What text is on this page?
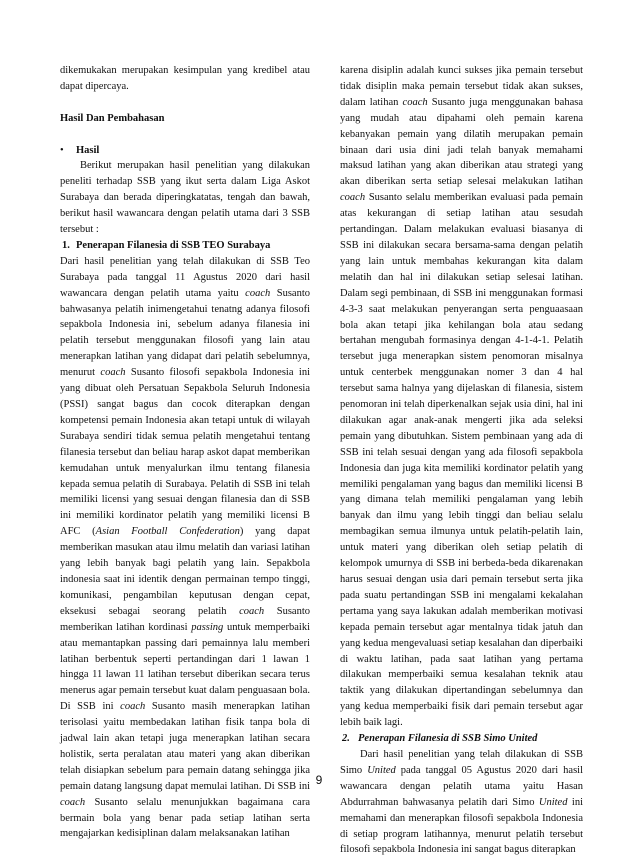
dikemukakan merupakan kesimpulan yang kredibel atau dapat dipercaya.

Hasil Dan Pembahasan

•	Hasil

Berikut merupakan hasil penelitian yang dilakukan peneliti terhadap SSB yang ikut serta dalam Liga Askot Surabaya dan berada diperingkatatas, tengah dan bawah, berikut hasil wawancara dengan pelatih utama dari 3 SSB tersebut :

1. Penerapan Filanesia di SSB TEO Surabaya

Dari hasil penelitian yang telah dilakukan di SSB Teo Surabaya pada tanggal 11 Agustus 2020 dari hasil wawancara dengan pelatih utama yaitu coach Susanto bahwasanya pelatih inimengetahui tenatng adanya filosofi sepakbola Indonesia ini, sebelum adanya filanesia ini pelatih tersebut menggunakan filosofi yang lain atau menerapkan latihan yang didapat dari pelatih sebelumnya, menurut coach Susanto filosofi sepakbola Indonesia ini yang dibuat oleh Persatuan Sepakbola Seluruh Indonesia (PSSI) sangat bagus dan cocok diterapkan dengan kompetensi pemain Indonesia akan tetapi untuk di wilayah Surabaya sendiri tidak semua pelatih mengetahui tentang filanesia tersebut dan beliau harap askot dapat memberikan kemudahan untuk menyalurkan ilmu tentang filanesia kepada semua pelatih di Surabaya. Pelatih di SSB ini telah memiliki licensi yang sesuai dengan filanesia dan di SSB ini memiliki kordinator pelatih yang memiliki licensi B AFC (Asian Football Confederation) yang dapat memberikan masukan atau ilmu melatih dan variasi latihan yang lebih banyak bagi pelatih yang lain. Sepakbola indonesia saat ini identik dengan permainan tempo tinggi, komunikasi, pengambilan keputusan dengan cepat, eksekusi sebagai seorang pelatih coach Susanto memberikan latihan kordinasi passing untuk memperbaiki atau memantapkan passing dari pemainnya lalu memberi latihan berbentuk seperti pertandingan dari 1 lawan 1 hingga 11 lawan 11 latihan tersebut diberikan secara terus menerus agar pemain tersebut kuat dalam penguasaan bola. Di SSB ini coach Susanto masih menerapkan latihan terisolasi yaitu membedakan latihan fisik tanpa bola di jadwal lain akan tetapi juga menerapkan latihan secara holistik, serta peralatan atau materi yang akan diberikan telah disiapkan sebelum para pemain datang sehingga jika pemain datang langsung dapat memulai latihan. Di SSB ini coach Susanto selalu menunjukkan bagaimana cara bermain bola yang benar pada setiap latihan serta mengajarkan kedisiplinan dalam melaksanakan latihan

karena disiplin adalah kunci sukses jika pemain tersebut tidak disiplin maka pemain tersebut tidak akan sukses, dalam latihan coach Susanto juga menggunakan bahasa yang mudah atau dipahami oleh pemain karena kebanyakan pemain yang dilatih merupakan pemain binaan dari usia dini jadi telah banyak memahami maksud latihan yang akan diberikan atau strategi yang akan diberikan serta setiap selesai melakukan latihan coach Susanto selalu memberikan evaluasi pada pemain atas kekurangan di setiap latihan atau sesudah pertandingan. Dalam melakukan evaluasi biasanya di SSB ini dilakukan secara bersama-sama dengan pelatih yang lain untuk membahas kekurangan kita dalam melatih dan hal ini dilakukan setiap selesai latihan. Dalam segi pembinaan, di SSB ini menggunakan formasi 4-3-3 saat melakukan penyerangan serta penguaasaan bola akan tetapi jika kehilangan bola atau sedang bertahan mengubah formasinya dengan 4-1-4-1. Pelatih tersebut juga menerapkan sistem penomoran misalnya untuk centerbek menggunakan nomer 3 dan 4 hal tersebut sama halnya yang dijelaskan di filanesia, sistem penomoran ini telah diperkenalkan sejak usia dini, hal ini dilakukan agar anak-anak mengerti jika ada seleksi pemain yang dibutuhkan. Sistem pembinaan yang ada di SSB ini telah sesuai dengan yang ada filosofi sepakbola Indonesia dan juga kita memiliki kordinator pelatih yang memiliki pengalaman yang bagus dan memiliki licensi B yang dimana telah memiliki pengalaman yang lebih banyak dan ilmu yang lebih tinggi dan beliau selalu membagikan semua ilmunya untuk pelatih-pelatih lain, untuk materi yang diberikan oleh setiap pelatih di kelompok umurnya di SSB ini berbeda-beda dikarenakan harus sesuai dengan usia dari pemain tersebut serta jika pada suatu pertandingan SSB ini mengalami kekalahan pertama yang saya lakukan adalah memberikan motivasi kepada pemain tersebut agar mentalnya tidak jatuh dan yang kedua mengevaluasi setiap kesalahan dan diperbaiki di waktu latihan, pada saat latihan yang pertama dilakukan memperbaiki semua kesalahan teknik atau taktik yang dilakukan dipertandingan sebelumnya dan yang kedua memperbaiki fisik dari pemain tersebut agar lebih baik lagi.

2. Penerapan Filanesia di SSB Simo United

Dari hasil penelitian yang telah dilakukan di SSB Simo United pada tanggal 05 Agustus 2020 dari hasil wawancara dengan pelatih utama yaitu Hasan Abdurrahman bahwasanya pelatih dari Simo United ini memahami dan menerapkan filosofi sepakbola Indonesia di setiap program latihannya, menurut pelatih tersebut filosofi sepakbola Indonesia ini sangat bagus diterapkan

9
